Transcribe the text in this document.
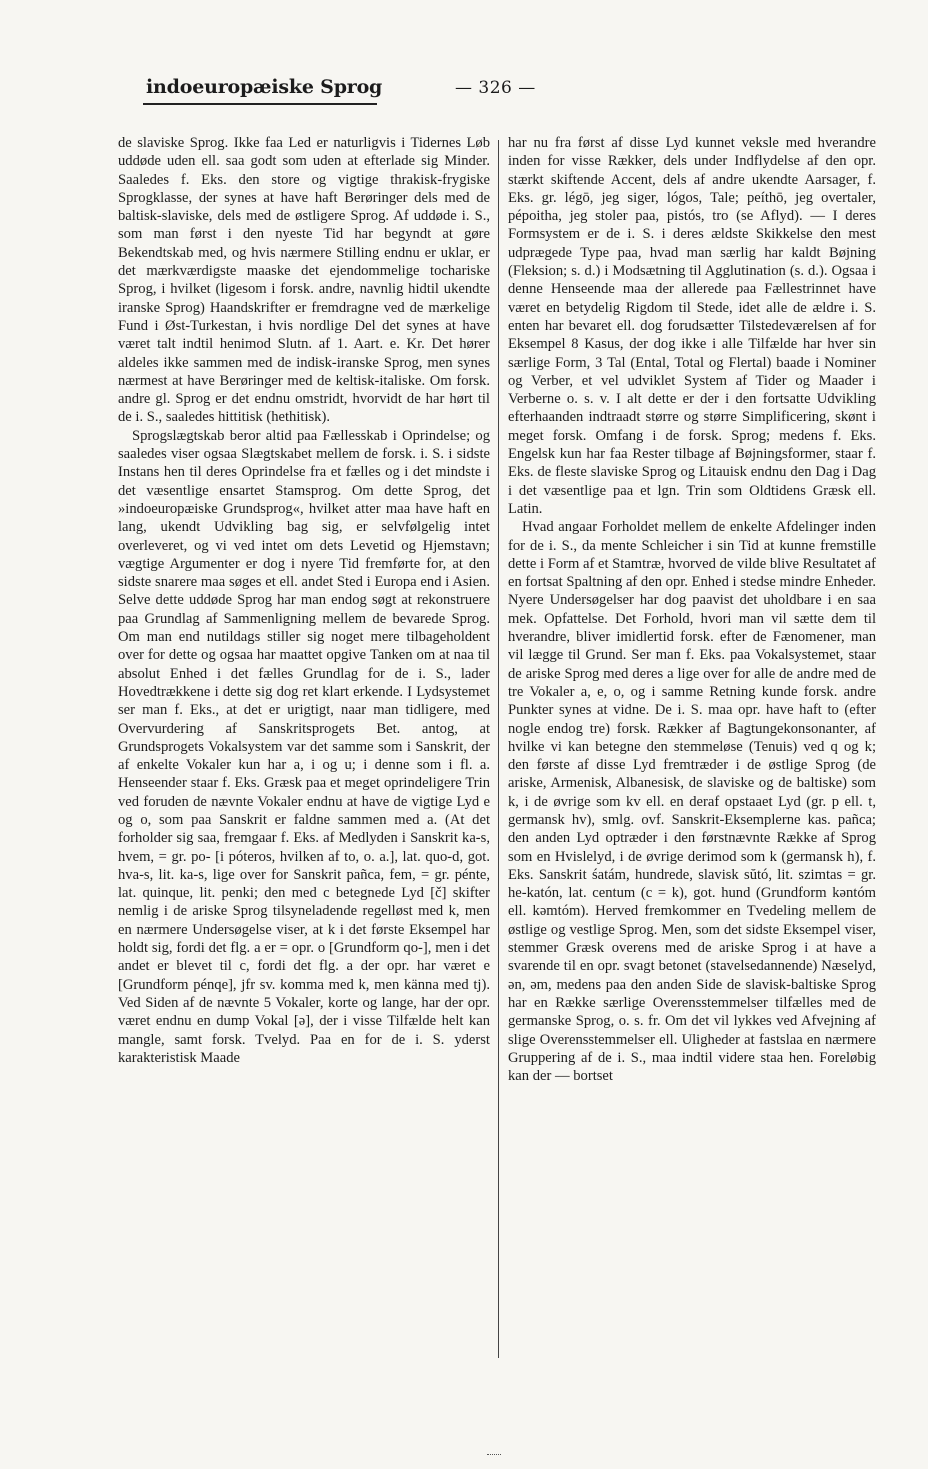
indoeuropæiske Sprog	— 326 —

de slaviske Sprog. Ikke faa Led er naturligvis i Tidernes Løb uddøde uden ell. saa godt som uden at efterlade sig Minder. Saaledes f. Eks. den store og vigtige thrakisk-frygiske Sprogklasse, der synes at have haft Berøringer dels med de baltisk-slaviske, dels med de østligere Sprog. Af uddøde i. S., som man først i den nyeste Tid har begyndt at gøre Bekendtskab med, og hvis nærmere Stilling endnu er uklar, er det mærkværdigste maaske det ejendommelige tochariske Sprog, i hvilket (ligesom i forsk. andre, navnlig hidtil ukendte iranske Sprog) Haandskrifter er fremdragne ved de mærkelige Fund i Øst-Turkestan, i hvis nordlige Del det synes at have været talt indtil henimod Slutn. af 1. Aart. e. Kr. Det hører aldeles ikke sammen med de indisk-iranske Sprog, men synes nærmest at have Berøringer med de keltisk-italiske. Om forsk. andre gl. Sprog er det endnu omstridt, hvorvidt de har hørt til de i. S., saaledes hittitisk (hethitisk).

Sprogslægtskab beror altid paa Fællesskab i Oprindelse; og saaledes viser ogsaa Slægtskabet mellem de forsk. i. S. i sidste Instans hen til deres Oprindelse fra et fælles og i det mindste i det væsentlige ensartet Stamsprog. Om dette Sprog, det »indoeuropæiske Grundsprog«, hvilket atter maa have haft en lang, ukendt Udvikling bag sig, er selvfølgelig intet overleveret, og vi ved intet om dets Levetid og Hjemstavn; vægtige Argumenter er dog i nyere Tid fremførte for, at den sidste snarere maa søges et ell. andet Sted i Europa end i Asien. Selve dette uddøde Sprog har man endog søgt at rekonstruere paa Grundlag af Sammenligning mellem de bevarede Sprog. Om man end nutildags stiller sig noget mere tilbageholdent over for dette og ogsaa har maattet opgive Tanken om at naa til absolut Enhed i det fælles Grundlag for de i. S., lader Hovedtrækkene i dette sig dog ret klart erkende. I Lydsystemet ser man f. Eks., at det er urigtigt, naar man tidligere, med Overvurdering af Sanskritsprogets Bet. antog, at Grundsprogets Vokalsystem var det samme som i Sanskrit, der af enkelte Vokaler kun har a, i og u; i denne som i fl. a. Henseender staar f. Eks. Græsk paa et meget oprindeligere Trin ved foruden de nævnte Vokaler endnu at have de vigtige Lyd e og o, som paa Sanskrit er faldne sammen med a. (At det forholder sig saa, fremgaar f. Eks. af Medlyden i Sanskrit ka-s, hvem, = gr. po- [i póteros, hvilken af to, o. a.], lat. quo-d, got. hva-s, lit. ka-s, lige over for Sanskrit pañca, fem, = gr. pénte, lat. quinque, lit. penki; den med c betegnede Lyd [č] skifter nemlig i de ariske Sprog tilsyneladende regelløst med k, men en nærmere Undersøgelse viser, at k i det første Eksempel har holdt sig, fordi det flg. a er = opr. o [Grundform qo-], men i det andet er blevet til c, fordi det flg. a der opr. har været e [Grundform pénqe], jfr sv. komma med k, men känna med tj). Ved Siden af de nævnte 5 Vokaler, korte og lange, har der opr. været endnu en dump Vokal [ə], der i visse Tilfælde helt kan mangle, samt forsk. Tvelyd. Paa en for de i. S. yderst karakteristisk Maade

har nu fra først af disse Lyd kunnet veksle med hverandre inden for visse Rækker, dels under Indflydelse af den opr. stærkt skiftende Accent, dels af andre ukendte Aarsager, f. Eks. gr. légō, jeg siger, lógos, Tale; peíthō, jeg overtaler, pépoitha, jeg stoler paa, pistós, tro (se Aflyd). — I deres Formsystem er de i. S. i deres ældste Skikkelse den mest udprægede Type paa, hvad man særlig har kaldt Bøjning (Fleksion; s. d.) i Modsætning til Agglutination (s. d.). Ogsaa i denne Henseende maa der allerede paa Fællestrinnet have været en betydelig Rigdom til Stede, idet alle de ældre i. S. enten har bevaret ell. dog forudsætter Tilstedeværelsen af for Eksempel 8 Kasus, der dog ikke i alle Tilfælde har hver sin særlige Form, 3 Tal (Ental, Total og Flertal) baade i Nominer og Verber, et vel udviklet System af Tider og Maader i Verberne o. s. v. I alt dette er der i den fortsatte Udvikling efterhaanden indtraadt større og større Simplificering, skønt i meget forsk. Omfang i de forsk. Sprog; medens f. Eks. Engelsk kun har faa Rester tilbage af Bøjningsformer, staar f. Eks. de fleste slaviske Sprog og Litauisk endnu den Dag i Dag i det væsentlige paa et lgn. Trin som Oldtidens Græsk ell. Latin.

Hvad angaar Forholdet mellem de enkelte Afdelinger inden for de i. S., da mente Schleicher i sin Tid at kunne fremstille dette i Form af et Stamtræ, hvorved de vilde blive Resultatet af en fortsat Spaltning af den opr. Enhed i stedse mindre Enheder. Nyere Undersøgelser har dog paavist det uholdbare i en saa mek. Opfattelse. Det Forhold, hvori man vil sætte dem til hverandre, bliver imidlertid forsk. efter de Fænomener, man vil lægge til Grund. Ser man f. Eks. paa Vokalsystemet, staar de ariske Sprog med deres a lige over for alle de andre med de tre Vokaler a, e, o, og i samme Retning kunde forsk. andre Punkter synes at vidne. De i. S. maa opr. have haft to (efter nogle endog tre) forsk. Rækker af Bagtungekonsonanter, af hvilke vi kan betegne den stemmeløse (Tenuis) ved q og k; den første af disse Lyd fremtræder i de østlige Sprog (de ariske, Armenisk, Albanesisk, de slaviske og de baltiske) som k, i de øvrige som kv ell. en deraf opstaaet Lyd (gr. p ell. t, germansk hv), smlg. ovf. Sanskrit-Eksemplerne kas. pañca; den anden Lyd optræder i den førstnævnte Række af Sprog som en Hvislelyd, i de øvrige derimod som k (germansk h), f. Eks. Sanskrit śatám, hundrede, slavisk sŭtó, lit. szimtas = gr. he-katón, lat. centum (c = k), got. hund (Grundform kəntóm ell. kəmtóm). Herved fremkommer en Tvedeling mellem de østlige og vestlige Sprog. Men, som det sidste Eksempel viser, stemmer Græsk overens med de ariske Sprog i at have a svarende til en opr. svagt betonet (stavelsedannende) Næselyd, ən, əm, medens paa den anden Side de slavisk-baltiske Sprog har en Række særlige Overensstemmelser tilfælles med de germanske Sprog, o. s. fr. Om det vil lykkes ved Afvejning af slige Overensstemmelser ell. Uligheder at fastslaa en nærmere Gruppering af de i. S., maa indtil videre staa hen. Foreløbig kan der — bortset
